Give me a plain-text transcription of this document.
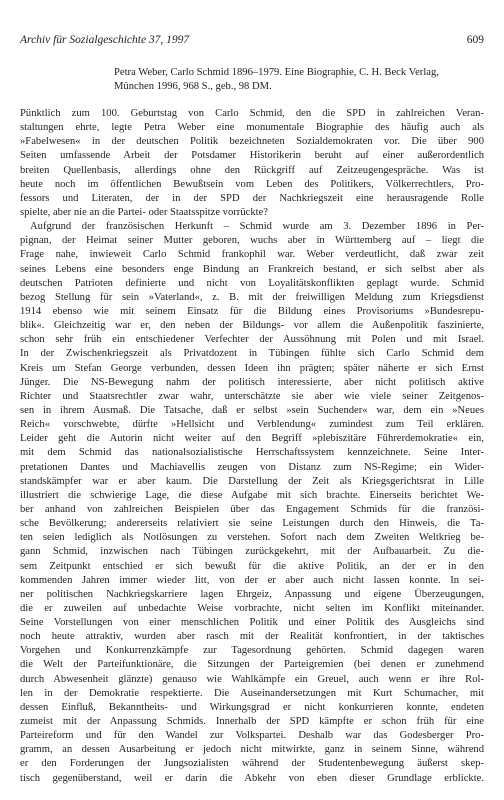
Archiv für Sozialgeschichte 37, 1997	609
Petra Weber, Carlo Schmid 1896–1979. Eine Biographie, C. H. Beck Verlag,
München 1996, 968 S., geb., 98 DM.
Pünktlich zum 100. Geburtstag von Carlo Schmid, den die SPD in zahlreichen Veran-
staltungen ehrte, legte Petra Weber eine monumentale Biographie des häufig auch als
»Fabelwesen« in der deutschen Politik bezeichneten Sozialdemokraten vor. Die über 900
Seiten umfassende Arbeit der Potsdamer Historikerin beruht auf einer außerordentlich
breiten Quellenbasis, allerdings ohne den Rückgriff auf Zeitzeugengespräche. Was ist
heute noch im öffentlichen Bewußtsein vom Leben des Politikers, Völkerrechtlers, Pro-
fessors und Literaten, der in der SPD der Nachkriegszeit eine herausragende Rolle
spielte, aber nie an die Partei- oder Staatsspitze vorrückte?
Aufgrund der französischen Herkunft – Schmid wurde am 3. Dezember 1896 in Per-
pignan, der Heimat seiner Mutter geboren, wuchs aber in Württemberg auf – liegt die
Frage nahe, inwieweit Carlo Schmid frankophil war. Weber verdeutlicht, daß zwar zeit
seines Lebens eine besonders enge Bindung an Frankreich bestand, er sich selbst aber als
deutschen Patrioten definierte und nicht von Loyalitätskonflikten geplagt wurde. Schmid
bezog Stellung für sein »Vaterland«, z. B. mit der freiwilligen Meldung zum Kriegsdienst
1914 ebenso wie mit seinem Einsatz für die Bildung eines Provisoriums »Bundesrepu-
blik«. Gleichzeitig war er, den neben der Bildungs- vor allem die Außenpolitik faszinierte,
schon sehr früh ein entschiedener Verfechter der Aussöhnung mit Polen und mit Israel.
In der Zwischenkriegszeit als Privatdozent in Tübingen fühlte sich Carlo Schmid dem
Kreis um Stefan George verbunden, dessen Ideen ihn prägten; später näherte er sich Ernst
Jünger. Die NS-Bewegung nahm der politisch interessierte, aber nicht politisch aktive
Richter und Staatsrechtler zwar wahr, unterschätzte sie aber wie viele seiner Zeitgenos-
sen in ihrem Ausmaß. Die Tatsache, daß er selbst »sein Suchender« war, dem ein »Neues
Reich« vorschwebte, dürfte »Hellsicht und Verblendung« zumindest zum Teil erklären.
Leider geht die Autorin nicht weiter auf den Begriff »plebiszitäre Führerdemokratie« ein,
mit dem Schmid das nationalsozialistische Herrschaftssystem kennzeichnete. Seine Inter-
pretationen Dantes und Machiavellis zeugen von Distanz zum NS-Regime; ein Wider-
standskämpfer war er aber kaum. Die Darstellung der Zeit als Kriegsgerichtsrat in Lille
illustriert die schwierige Lage, die diese Aufgabe mit sich brachte. Einerseits berichtet We-
ber anhand von zahlreichen Beispielen über das Engagement Schmids für die französi-
sche Bevölkerung; andererseits relativiert sie seine Leistungen durch den Hinweis, die Ta-
ten seien lediglich als Notlösungen zu verstehen. Sofort nach dem Zweiten Weltkrieg be-
gann Schmid, inzwischen nach Tübingen zurückgekehrt, mit der Aufbauarbeit. Zu die-
sem Zeitpunkt entschied er sich bewußt für die aktive Politik, an der er in den
kommenden Jahren immer wieder litt, von der er aber auch nicht lassen konnte. In sei-
ner politischen Nachkriegskarriere lagen Ehrgeiz, Anpassung und eigene Überzeugungen,
die er zuweilen auf unbedachte Weise vorbrachte, nicht selten im Konflikt miteinander.
Seine Vorstellungen von einer menschlichen Politik und einer Politik des Ausgleichs sind
noch heute attraktiv, wurden aber rasch mit der Realität konfrontiert, in der taktisches
Vorgehen und Konkurrenzkämpfe zur Tagesordnung gehörten. Schmid dagegen waren
die Welt der Parteifunktionäre, die Sitzungen der Parteigremien (bei denen er zunehmend
durch Abwesenheit glänzte) genauso wie Wahlkämpfe ein Greuel, auch wenn er ihre Rol-
len in der Demokratie respektierte. Die Auseinandersetzungen mit Kurt Schumacher, mit
dessen Einfluß, Bekanntheits- und Wirkungsgrad er nicht konkurrieren konnte, endeten
zumeist mit der Anpassung Schmids. Innerhalb der SPD kämpfte er schon früh für eine
Parteireform und für den Wandel zur Volkspartei. Deshalb war das Godesberger Pro-
gramm, an dessen Ausarbeitung er jedoch nicht mitwirkte, ganz in seinem Sinne, während
er den Forderungen der Jungsozialisten während der Studentenbewegung äußerst skep-
tisch gegenüberstand, weil er darin die Abkehr von eben dieser Grundlage erblickte.
